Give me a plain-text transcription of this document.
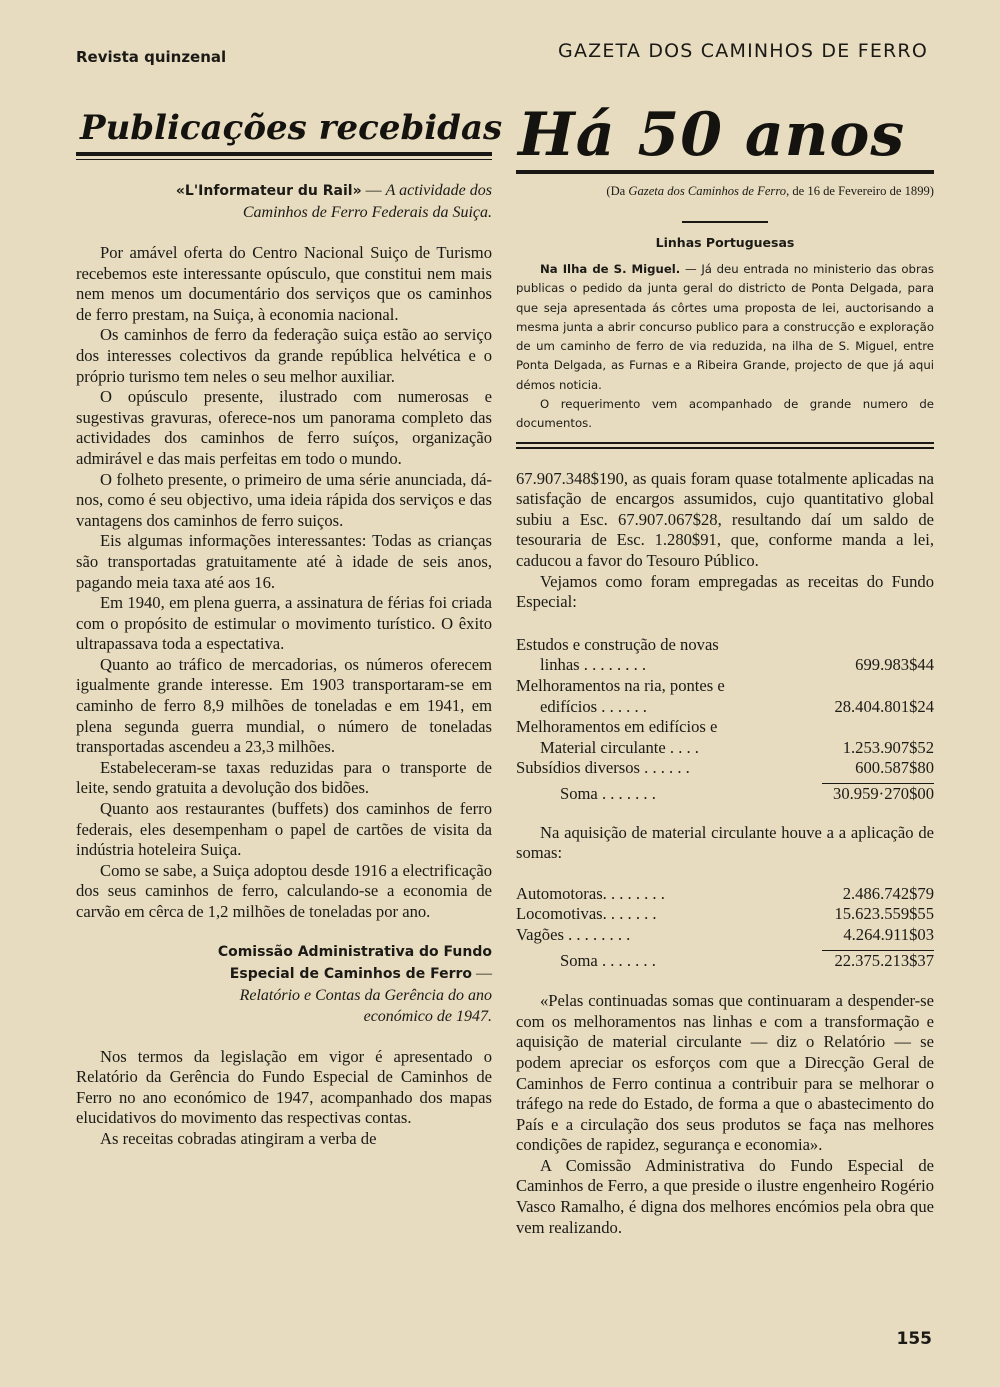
Revista quinzenal	GAZETA DOS CAMINHOS DE FERRO
Publicações recebidas
«L'Informateur du Rail» — A actividade dos Caminhos de Ferro Federais da Suiça.

Por amável oferta do Centro Nacional Suiço de Turismo recebemos este interessante opúsculo, que constitui nem mais nem menos um documentário dos serviços que os caminhos de ferro prestam, na Suiça, à economia nacional.

Os caminhos de ferro da federação suiça estão ao serviço dos interesses colectivos da grande república helvética e o próprio turismo tem neles o seu melhor auxiliar.

O opúsculo presente, ilustrado com numerosas e sugestivas gravuras, oferece-nos um panorama completo das actividades dos caminhos de ferro suíços, organização admirável e das mais perfeitas em todo o mundo.

O folheto presente, o primeiro de uma série anunciada, dá-nos, como é seu objectivo, uma ideia rápida dos serviços e das vantagens dos caminhos de ferro suiços.

Eis algumas informações interessantes: Todas as crianças são transportadas gratuitamente até à idade de seis anos, pagando meia taxa até aos 16.

Em 1940, em plena guerra, a assinatura de férias foi criada com o propósito de estimular o movimento turístico. O êxito ultrapassava toda a espectativa.

Quanto ao tráfico de mercadorias, os números oferecem igualmente grande interesse. Em 1903 transportaram-se em caminho de ferro 8,9 milhões de toneladas e em 1941, em plena segunda guerra mundial, o número de toneladas transportadas ascendeu a 23,3 milhões.

Estabeleceram-se taxas reduzidas para o transporte de leite, sendo gratuita a devolução dos bidões.

Quanto aos restaurantes (buffets) dos caminhos de ferro federais, eles desempenham o papel de cartões de visita da indústria hoteleira Suiça.

Como se sabe, a Suiça adoptou desde 1916 a electrificação dos seus caminhos de ferro, calculando-se a economia de carvão em cêrca de 1,2 milhões de toneladas por ano.

Comissão Administrativa do Fundo Especial de Caminhos de Ferro — Relatório e Contas da Gerência do ano económico de 1947.

Nos termos da legislação em vigor é apresentado o Relatório da Gerência do Fundo Especial de Caminhos de Ferro no ano económico de 1947, acompanhado dos mapas elucidativos do movimento das respectivas contas.

As receitas cobradas atingiram a verba de

Há 50 anos
(Da Gazeta dos Caminhos de Ferro, de 16 de Fevereiro de 1899)
Linhas Portuguesas

Na Ilha de S. Miguel. — Já deu entrada no ministerio das obras publicas o pedido da junta geral do districto de Ponta Delgada, para que seja apresentada ás côrtes uma proposta de lei, auctorisando a mesma junta a abrir concurso publico para a construcção e exploração de um caminho de ferro de via reduzida, na ilha de S. Miguel, entre Ponta Delgada, as Furnas e a Ribeira Grande, projecto de que já aqui démos noticia.

O requerimento vem acompanhado de grande numero de documentos.

67.907.348$190, as quais foram quase totalmente aplicadas na satisfação de encargos assumidos, cujo quantitativo global subiu a Esc. 67.907.067$28, resultando daí um saldo de tesouraria de Esc. 1.280$91, que, conforme manda a lei, caducou a favor do Tesouro Público.

Vejamos como foram empregadas as receitas do Fundo Especial:

Estudos e construção de novas
linhas . . . . . . . .	699.983$44
Melhoramentos na ria, pontes e
edifícios . . . . . .	28.404.801$24
Melhoramentos em edifícios e
Material circulante . . . .	1.253.907$52
Subsídios diversos . . . . . .	600.587$80
Soma . . . . . . .	30.959·270$00

Na aquisição de material circulante houve a a aplicação de somas:

Automotoras. . . . . . . .	2.486.742$79
Locomotivas. . . . . . .	15.623.559$55
Vagões . . . . . . . .	4.264.911$03
Soma . . . . . . .	22.375.213$37

«Pelas continuadas somas que continuaram a despender-se com os melhoramentos nas linhas e com a transformação e aquisição de material circulante — diz o Relatório — se podem apreciar os esforços com que a Direcção Geral de Caminhos de Ferro continua a contribuir para se melhorar o tráfego na rede do Estado, de forma a que o abastecimento do País e a circulação dos seus produtos se faça nas melhores condições de rapidez, segurança e economia».

A Comissão Administrativa do Fundo Especial de Caminhos de Ferro, a que preside o ilustre engenheiro Rogério Vasco Ramalho, é digna dos melhores encómios pela obra que vem realizando.

155
